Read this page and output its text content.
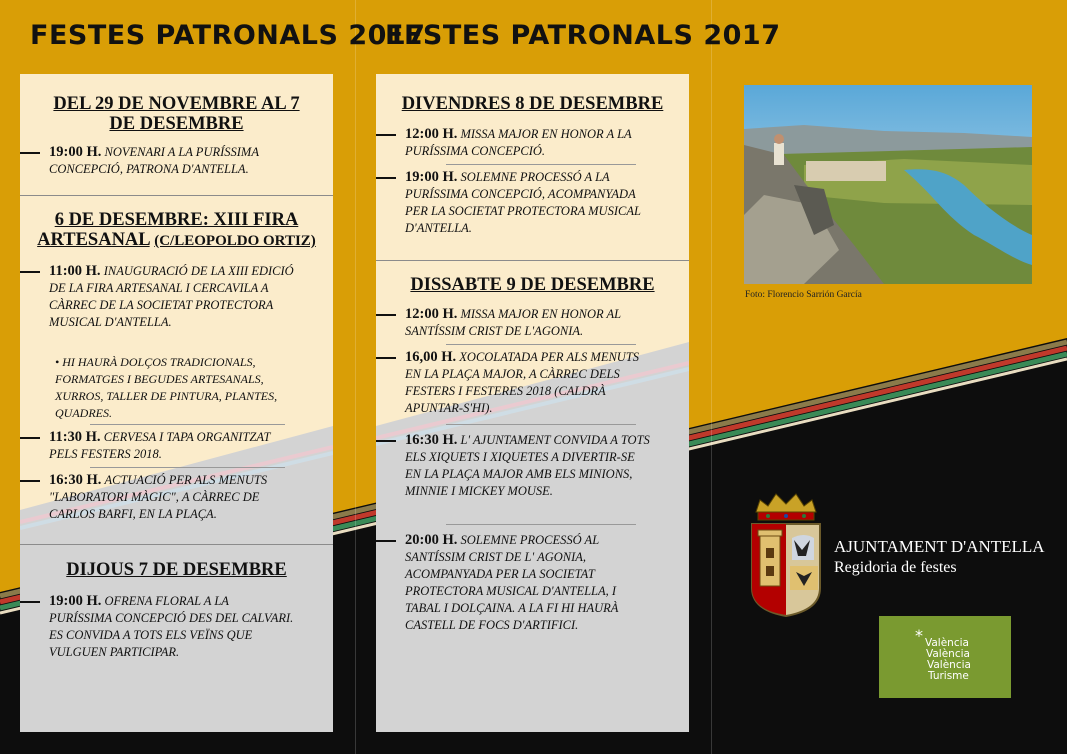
FESTES PATRONALS 2017
FESTES PATRONALS 2017
DEL 29 DE NOVEMBRE AL 7
DE DESEMBRE
19:00 H. NOVENARI A LA PURÍSSIMA CONCEPCIÓ, PATRONA D'ANTELLA.
6 DE DESEMBRE: XIII FIRA
ARTESANAL (C/LEOPOLDO ORTIZ)
11:00 H. INAUGURACIÓ DE LA XIII EDICIÓ DE LA FIRA ARTESANAL I CERCAVILA A CÀRREC DE LA SOCIETAT PROTECTORA MUSICAL D'ANTELLA.
• HI HAURÀ DOLÇOS TRADICIONALS, FORMATGES I BEGUDES ARTESANALS, XURROS, TALLER DE PINTURA, PLANTES, QUADRES.
11:30 H. CERVESA I TAPA ORGANITZAT PELS FESTERS 2018.
16:30 H. ACTUACIÓ PER ALS MENUTS "LABORATORI MÀGIC", A CÀRREC DE CARLOS BARFI, EN LA PLAÇA.
DIJOUS 7 DE DESEMBRE
19:00 H. OFRENA FLORAL A LA PURÍSSIMA CONCEPCIÓ DES DEL CALVARI. ES CONVIDA A TOTS ELS VEÏNS QUE VULGUEN PARTICIPAR.
DIVENDRES 8 DE DESEMBRE
12:00 H. MISSA MAJOR EN HONOR A LA PURÍSSIMA CONCEPCIÓ.
19:00 H. SOLEMNE PROCESSÓ A LA PURÍSSIMA CONCEPCIÓ, ACOMPANYADA PER LA SOCIETAT PROTECTORA MUSICAL D'ANTELLA.
DISSABTE 9 DE DESEMBRE
12:00 H. MISSA MAJOR EN HONOR AL SANTÍSSIM CRIST DE L'AGONIA.
16,00 H. XOCOLATADA PER ALS MENUTS EN LA PLAÇA MAJOR, A CÀRREC DELS FESTERS I FESTERES 2018 (CALDRÀ APUNTAR-S'HI).
16:30 H. L' AJUNTAMENT CONVIDA A TOTS ELS XIQUETS I XIQUETES A DIVERTIR-SE EN LA PLAÇA MAJOR AMB ELS MINIONS, MINNIE I MICKEY MOUSE.
20:00 H. SOLEMNE PROCESSÓ AL SANTÍSSIM CRIST DE L' AGONIA, ACOMPANYADA PER LA SOCIETAT PROTECTORA MUSICAL D'ANTELLA, I TABAL I DOLÇAINA. A LA FI HI HAURÀ CASTELL DE FOCS D'ARTIFICI.
Foto: Florencio Sarrión García
AJUNTAMENT D'ANTELLA
Regidoria de festes
* València
València
València
Turisme
